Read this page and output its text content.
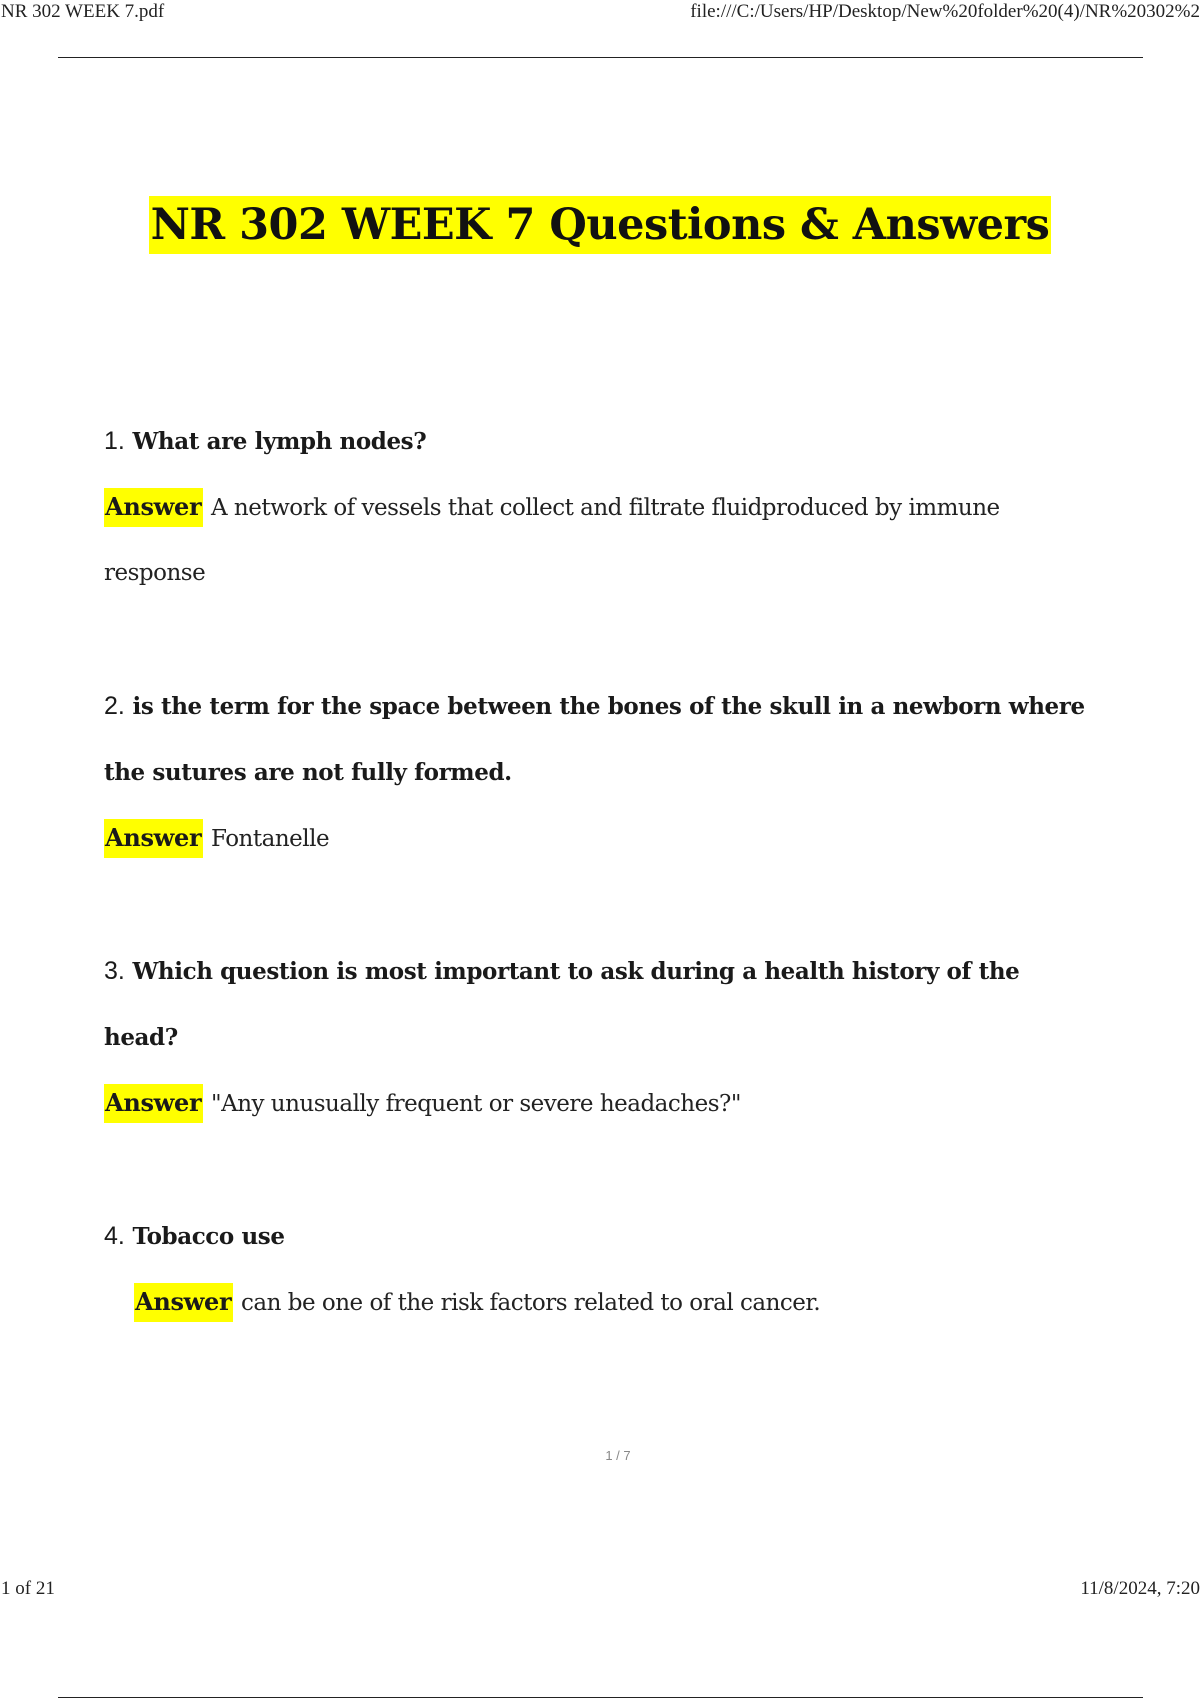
NR 302 WEEK 7.pdf	file:///C:/Users/HP/Desktop/New%20folder%20(4)/NR%20302%2
NR 302 WEEK 7 Questions & Answers
1. What are lymph nodes?
Answer A network of vessels that collect and filtrate fluidproduced by immune
response
2. is the term for the space between the bones of the skull in a newborn where
the sutures are not fully formed.
Answer Fontanelle
3. Which question is most important to ask during a health history of the
head?
Answer "Any unusually frequent or severe headaches?"
4. Tobacco use
Answer can be one of the risk factors related to oral cancer.
1 / 7
1 of 21	11/8/2024, 7:20
